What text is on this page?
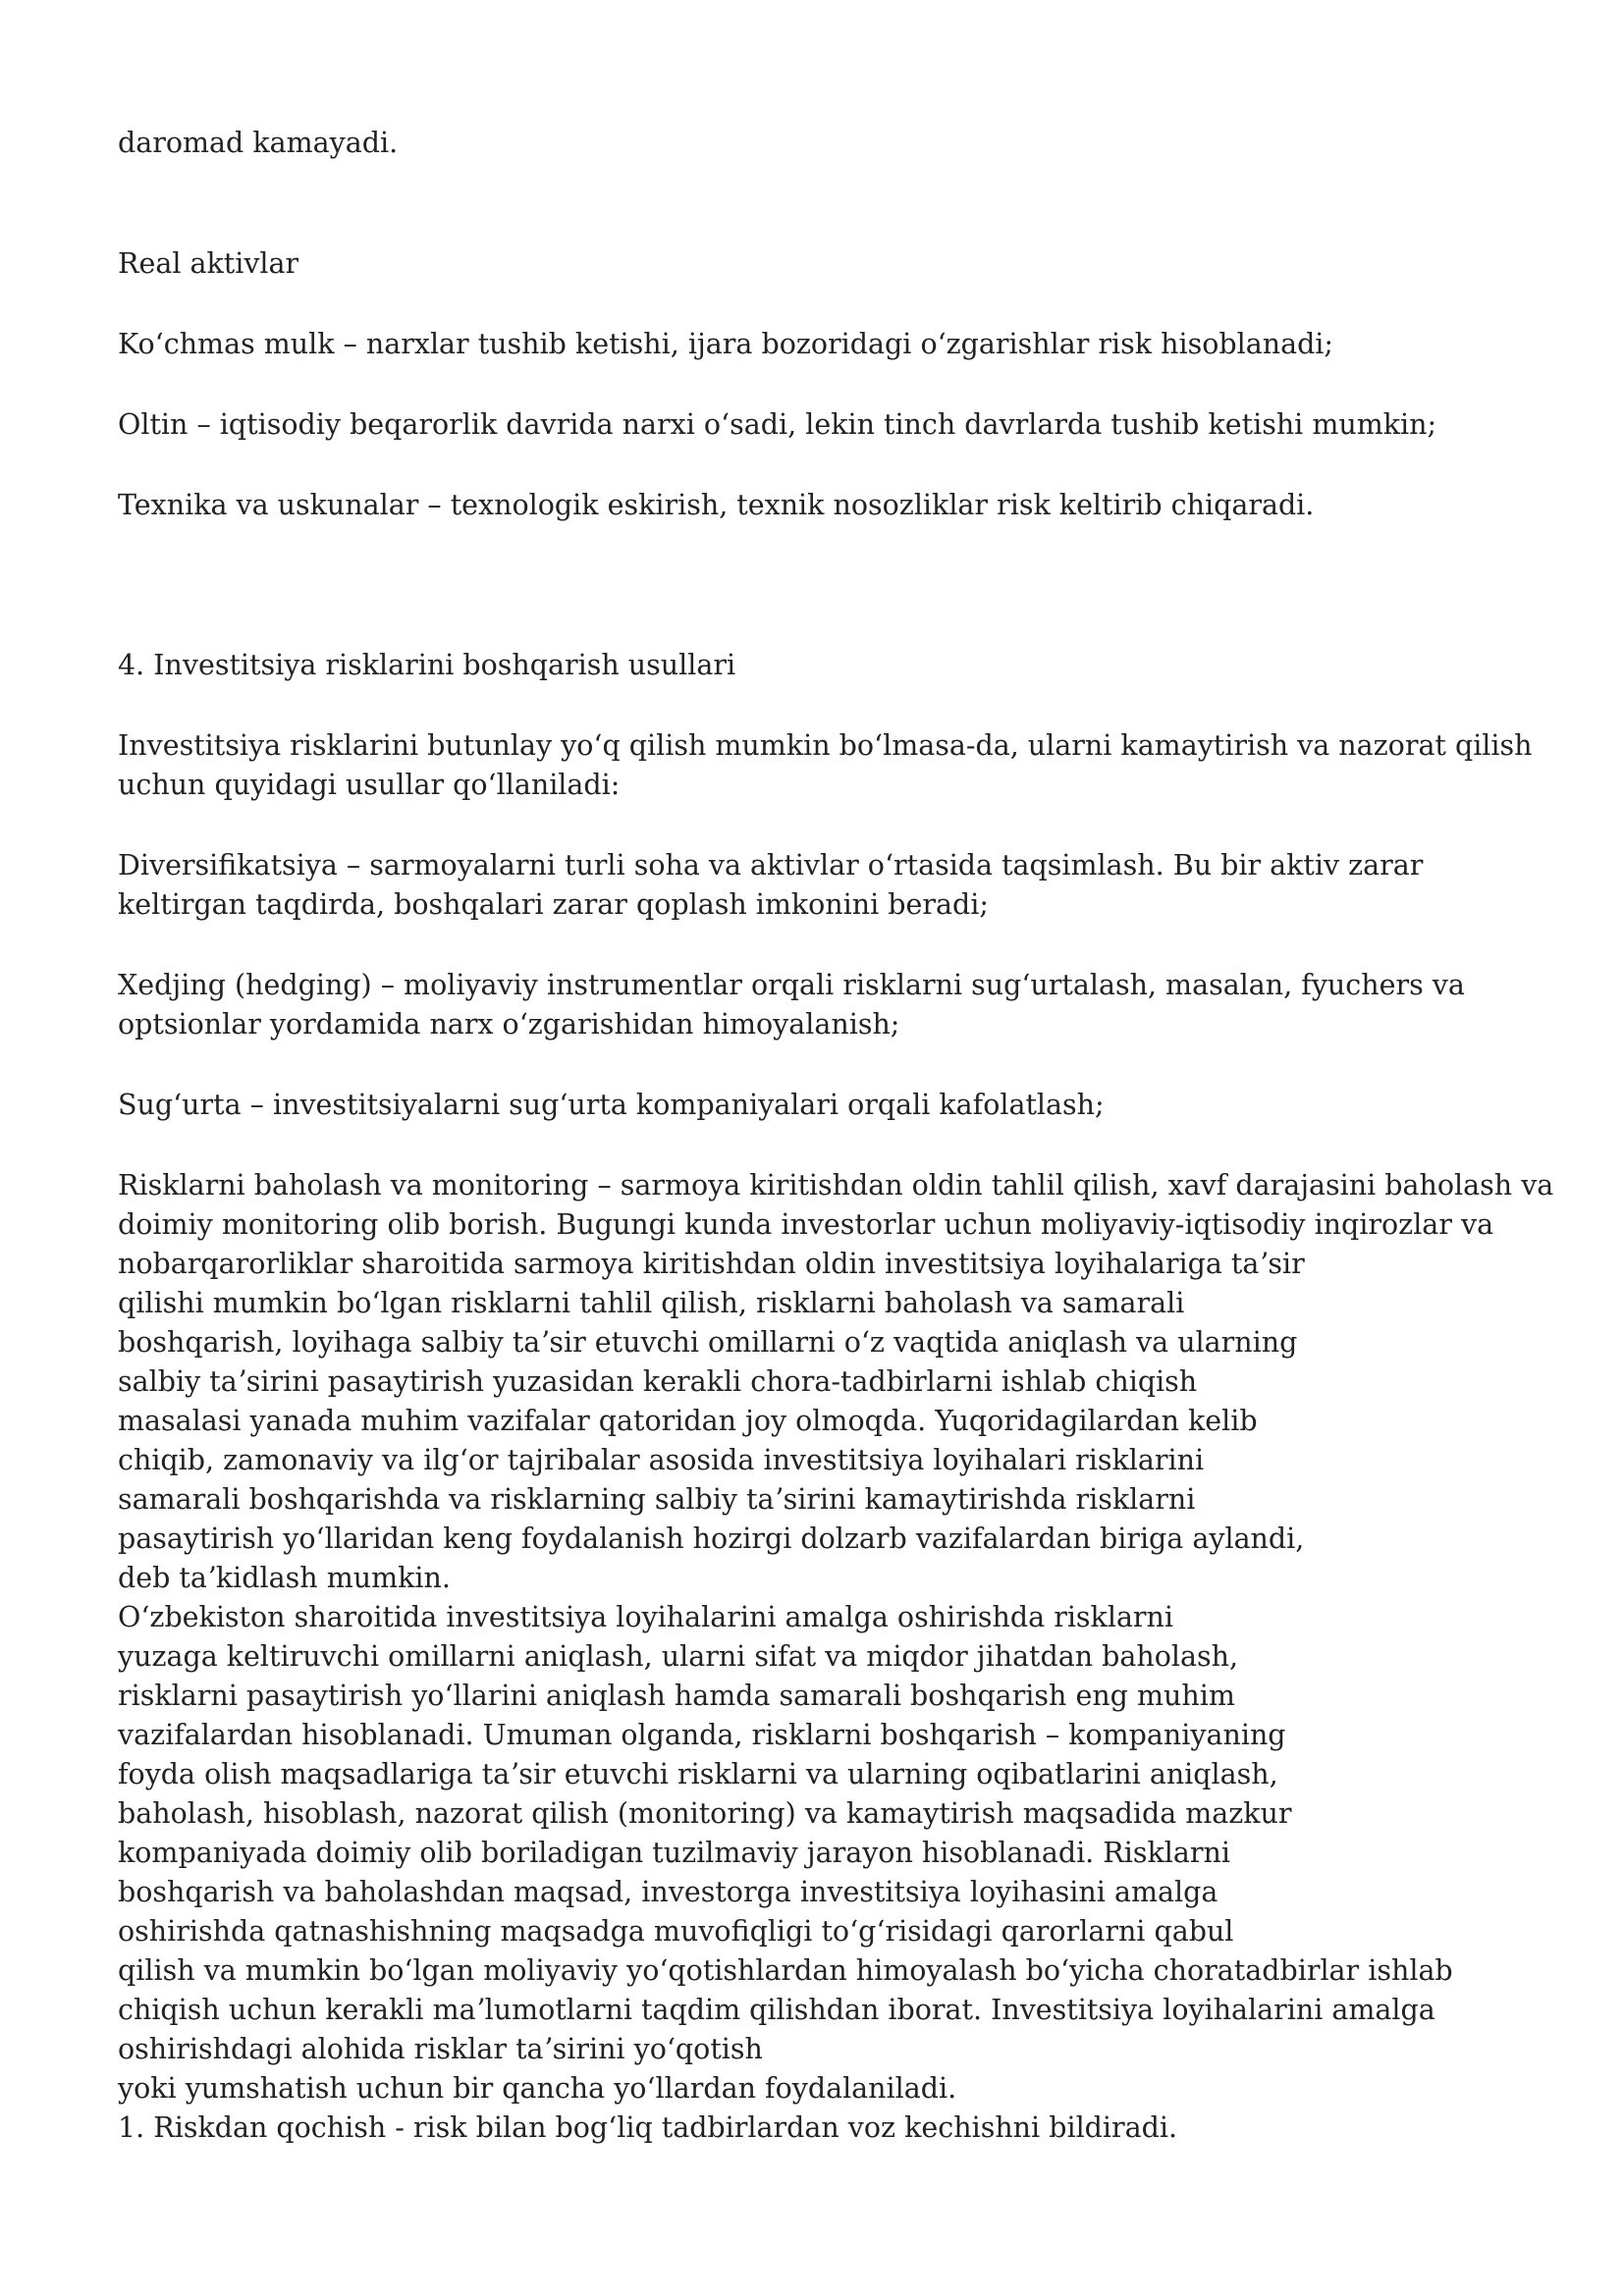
daromad kamayadi.

Real aktivlar

Koʻchmas mulk – narxlar tushib ketishi, ijara bozoridagi oʻzgarishlar risk hisoblanadi;

Oltin – iqtisodiy beqarorlik davrida narxi oʻsadi, lekin tinch davrlarda tushib ketishi mumkin;

Texnika va uskunalar – texnologik eskirish, texnik nosozliklar risk keltirib chiqaradi.

4. Investitsiya risklarini boshqarish usullari

Investitsiya risklarini butunlay yoʻq qilish mumkin boʻlmasa-da, ularni kamaytirish va nazorat qilish

uchun quyidagi usullar qoʻllaniladi:

Diversifikatsiya – sarmoyalarni turli soha va aktivlar oʻrtasida taqsimlash. Bu bir aktiv zarar

keltirgan taqdirda, boshqalari zarar qoplash imkonini beradi;

Xedjing (hedging) – moliyaviy instrumentlar orqali risklarni sugʻurtalash, masalan, fyuchers va

optsionlar yordamida narx oʻzgarishidan himoyalanish;

Sugʻurta – investitsiyalarni sugʻurta kompaniyalari orqali kafolatlash;

Risklarni baholash va monitoring – sarmoya kiritishdan oldin tahlil qilish, xavf darajasini baholash va

doimiy monitoring olib borish. Bugungi kunda investorlar uchun moliyaviy-iqtisodiy inqirozlar va

nobarqarorliklar sharoitida sarmoya kiritishdan oldin investitsiya loyihalariga taʼsir

qilishi mumkin boʻlgan risklarni tahlil qilish, risklarni baholash va samarali

boshqarish, loyihaga salbiy taʼsir etuvchi omillarni oʻz vaqtida aniqlash va ularning

salbiy taʼsirini pasaytirish yuzasidan kerakli chora-tadbirlarni ishlab chiqish

masalasi yanada muhim vazifalar qatoridan joy olmoqda. Yuqoridagilardan kelib

chiqib, zamonaviy va ilgʻor tajribalar asosida investitsiya loyihalari risklarini

samarali boshqarishda va risklarning salbiy taʼsirini kamaytirishda risklarni

pasaytirish yoʻllaridan keng foydalanish hozirgi dolzarb vazifalardan biriga aylandi,

deb taʼkidlash mumkin.

Oʻzbekiston sharoitida investitsiya loyihalarini amalga oshirishda risklarni

yuzaga keltiruvchi omillarni aniqlash, ularni sifat va miqdor jihatdan baholash,

risklarni pasaytirish yoʻllarini aniqlash hamda samarali boshqarish eng muhim

vazifalardan hisoblanadi. Umuman olganda, risklarni boshqarish – kompaniyaning

foyda olish maqsadlariga taʼsir etuvchi risklarni va ularning oqibatlarini aniqlash,

baholash, hisoblash, nazorat qilish (monitoring) va kamaytirish maqsadida mazkur

kompaniyada doimiy olib boriladigan tuzilmaviy jarayon hisoblanadi. Risklarni

boshqarish va baholashdan maqsad, investorga investitsiya loyihasini amalga

oshirishda qatnashishning maqsadga muvofiqligi toʻgʻrisidagi qarorlarni qabul

qilish va mumkin boʻlgan moliyaviy yoʻqotishlardan himoyalash boʻyicha choratadbirlar ishlab

chiqish uchun kerakli maʼlumotlarni taqdim qilishdan iborat. Investitsiya loyihalarini amalga

oshirishdagi alohida risklar taʼsirini yoʻqotish

yoki yumshatish uchun bir qancha yoʻllardan foydalaniladi.

1. Riskdan qochish - risk bilan bogʻliq tadbirlardan voz kechishni bildiradi.
